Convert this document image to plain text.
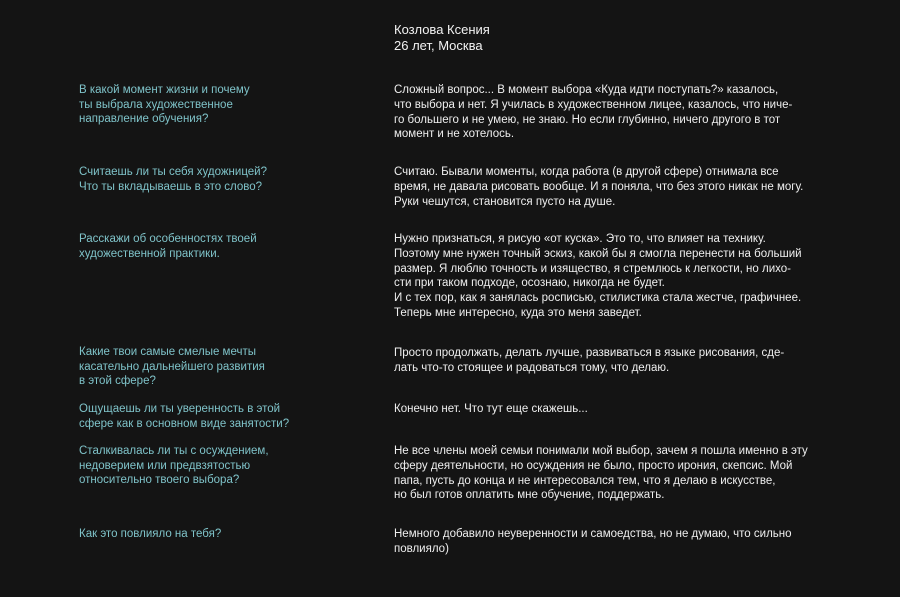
Козлова Ксения
26 лет, Москва
В какой момент жизни и почему
ты выбрала художественное
направление обучения?
Сложный вопрос... В момент выбора «Куда идти поступать?» казалось,
что выбора и нет. Я училась в художественном лицее, казалось, что ниче-
го большего и не умею, не знаю. Но если глубинно, ничего другого в тот
момент и не хотелось.
Считаешь ли ты себя художницей?
Что ты вкладываешь в это слово?
Считаю. Бывали моменты, когда работа (в другой сфере) отнимала все
время, не давала рисовать вообще. И я поняла, что без этого никак не могу.
Руки чешутся, становится пусто на душе.
Расскажи об особенностях твоей
художественной практики.
Нужно признаться, я рисую «от куска». Это то, что влияет на технику.
Поэтому мне нужен точный эскиз, какой бы я смогла перенести на больший
размер. Я люблю точность и изящество, я стремлюсь к легкости, но лихо-
сти при таком подходе, осознаю, никогда не будет.
И с тех пор, как я занялась росписью, стилистика стала жестче, графичнее.
Теперь мне интересно, куда это меня заведет.
Какие твои самые смелые мечты
касательно дальнейшего развития
в этой сфере?
Просто продолжать, делать лучше, развиваться в языке рисования, сде-
лать что-то стоящее и радоваться тому, что делаю.
Ощущаешь ли ты уверенность в этой
сфере как в основном виде занятости?
Конечно нет. Что тут еще скажешь...
Сталкивалась ли ты с осуждением,
недоверием или предвзятостью
относительно твоего выбора?
Не все члены моей семьи понимали мой выбор, зачем я пошла именно в эту
сферу деятельности, но осуждения не было, просто ирония, скепсис. Мой
папа, пусть до конца и не интересовался тем, что я делаю в искусстве,
но был готов оплатить мне обучение, поддержать.
Как это повлияло на тебя?	Немного добавило неуверенности и самоедства, но не думаю, что сильно
повлияло)
